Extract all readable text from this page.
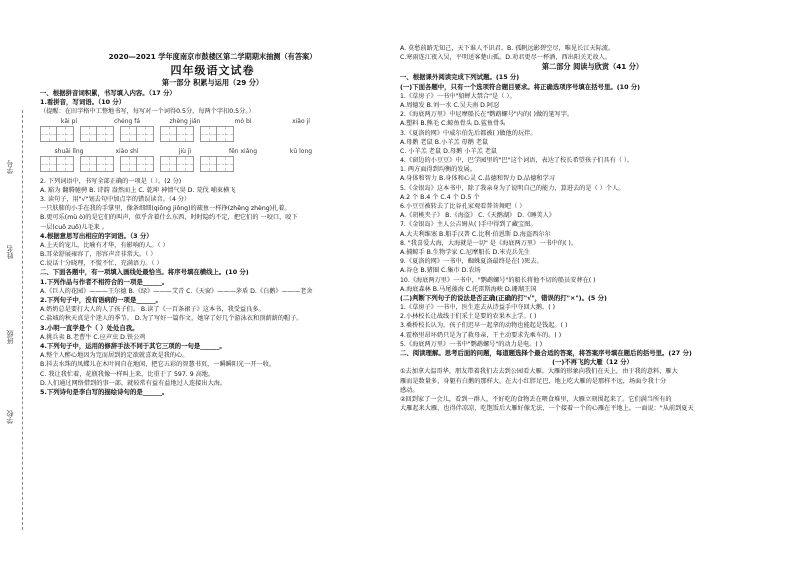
学号
姓名
班级
学校
2020—2021 学年度南京市鼓楼区第二学期期末抽测（有答案）
四年级语文试卷
第一部分 积累与运用（29 分）
一、根据拼音词积累，书写填入内容。（17 分）
1.看拼音，写词语。（10 分）
（提醒：在田字格中工整地书写，每写对一个词得0.5分，每两个字扣0.5分。）
kǎi pí	chéng fá	zhèng jiǎn	mó bì	xiǎo jí
shuāi lǐng	xiāo shì	jiù jì	fēn xiǎng	kū long
2. 下列词语中，书写全部正确的一项是（ ）。(2 分)
A. 豁为 翻腾驰骋 B. 诗韵 盎然而上 C. 乾坤 神情气昊 D. 荒伐 哺束横飞
3. 读句子，用"√"划去句中加点字的错误读音。（4 分）
一只肤肺的小手在我的手掌里，像条细细(qiōng jiǒng)的疏鱼一样挣(zhēng zhèng)扎着。
B.更可乐(mù ò)的是它们的叫声，似乎含着什么东西，时时隐约不定，把它们的 一咬口，咬下
一层(cuō zuō)儿毛来 。
4.根据意思写出相应的字词语。（3 分）
A.上天的宠儿，比喻有才华，有影响的人。（ ）
B.耳朵舒展雍容了，形容声音非常大。（ ）
C.说话十分晓理，不慌不忙，充满语力。（ ）
二、下面各题中，有一项填入画线处最恰当。将序号填在横线上。(10 分)
1.下列作品与作者不相符合的一项是______。
A.《巨人的花园》———王尔德 B.《绿》———艾青 C.《天窗》———茅盾 D.《白鹅》———老舍
2.下列句子中，没有语病的一项是______。
A.奶奶总是要打大人的人了孩子们。 B.读了《一百条裙子》这本书，我受益良多。
C.盐城的秋天真是个迷人的季节。 D.为了写好一篇作文，她穿了好几个游泳衣和顶薪薪的帽子。
3.小明一直学是个（ ）处处自我。
A.挑兵卖 B.老曹牛 C.应声虫 D.铁公鸡
4.下列句子中，运用的修辞手法不同于其它三项的一句是______。
A.整个人醉心地因为完而居到的定欲就喜欢是我的心。
B.抖去水珠的凤蝶儿在木叶间自在地闲，把它五彩的智慧书页，一瞬瞬阳光一开一收。
C. 我让我忙着，花瓶我像一样叫上来，比重于了 597. 9 高地。
D.人们通过网络借到的事一部，就较常有益有益地过人连接出大海。
5.下列诗句是李白写的描绘诗句的是______。
A. 莫愁前路无知己，天下谁人不识君。B. 孤帆远影碧空尽，唯见长江天际流。
C.寒雨连江夜入吴，平明送客楚山孤。D.劝君更尽一杯酒，西出阳关无故人。
第二部分 阅读与欣赏（41 分）
一、根据课外阅读完成下列试题。(15 分)
(一)下面各题中，只有一个选项符合题目要求。将正确选项序号填在括号里。(10 分)
1.《草房子》一书中"貂蝉大禁合"是（ ）。
A.周德发 B.刘一水 C.吴夫南 D.阿忍
2.《海底两万里》中尼摩船长在"鹦鹉螺号"内的( )做的笔写字。
A.塑料 B.熊毛 C.鲸鱼骨头 D.鲨鱼骨头
3.《夏洛的网》中威尔伯先后都被( )做他的玩伴。
A.母鹅 老鼠 B.小羊羔 母鹅 老鼠
C. 小羊羔 老鼠 D.母鹅 小羊羔 老鼠
4.《窗边的小豆豆》中，巴学园里的"巴"这个词语，表达了校长希望孩子们具有（ ）。
1. 两方面得到均衡的发展。
A.身体和智力 B.身体和心灵 C.品德和智力 D.品德和学习
5.《金银岛》这本书中，除了我亲身为了说明自己的能力，算进去的是（ ）个人。
A.2 个 B.4 个 C.4 个 D.5 个
6.小豆豆被转去了比谷孔家观看普菩舞吧（ ）
A.《胡桃夹子》 B.《海盗》 C.《天鹅湖》 D.《睡美人》
7.《金银岛》主人公吉姆从( )手中得到了藏宝图。
A.大夫利维塞 B.船手汉普 C.比利·伯恩斯 D.海盗西尔尔
8. "我喜爱大海，大海就是一切" 是《海底两万里》一书中的( )。
A.捕鲸手 B.生物学家 C.尼摩船长 D.米克兵先生
9.《夏洛的网》一书中，蜘蛛夏洛最终是在( )死去。
A.谷仓 B.猪圈 C.集市 D.农场
10.《海底两万里》一书中，"鹦鹉螺号"的船长将他不切的船员安葬在( )
A.海底森林 B.马尾藻海 C.托雷斯海峡 D.珊瑚王国
(二)判断下列句子的说法是否正确(正确的打"√"，错误的打"×")。(5 分)
1.《草房子》一书中，医生连去从诗益手中夺回大鹅。( )
2.小林校长让战线于们采土是要的农果木上学。( )
3.桑桥校长认为，孩子们迟早一起拿的动物也能起是钱起。( )
4.霍格里昂坏奶只是为了救母亲，干主动要求先乘车的。( )
5.《海底两万里》一书中"鹦鹉螺号"的动力是电。( )
二、阅读理解。思考后面的问题，每道题选择个最合适的答案，将答案序号填在题后的括号里。(27 分)
(一)不再飞的大雁（12 分）
①去加拿大温哥华，朋友带着我们去去到公园看大雁。大雁的形象向我们在天上，由于我的意料，雁大
雁而是数量多，身躯有白鹅的那样大，在大小红胖足巴，地上吃大雁的是那样不远，场面令我十分
感动。
②回到家了一会儿，看到一群人，不好吃的食物丢在喂食堆里，大雁立刻围起来了。它们满当所有的
大雁起来大雁，也得伴凉凉，吃饱饭后大雁好像无法，一个接着一个的心雁在平地上。一面说："从前到夏天
